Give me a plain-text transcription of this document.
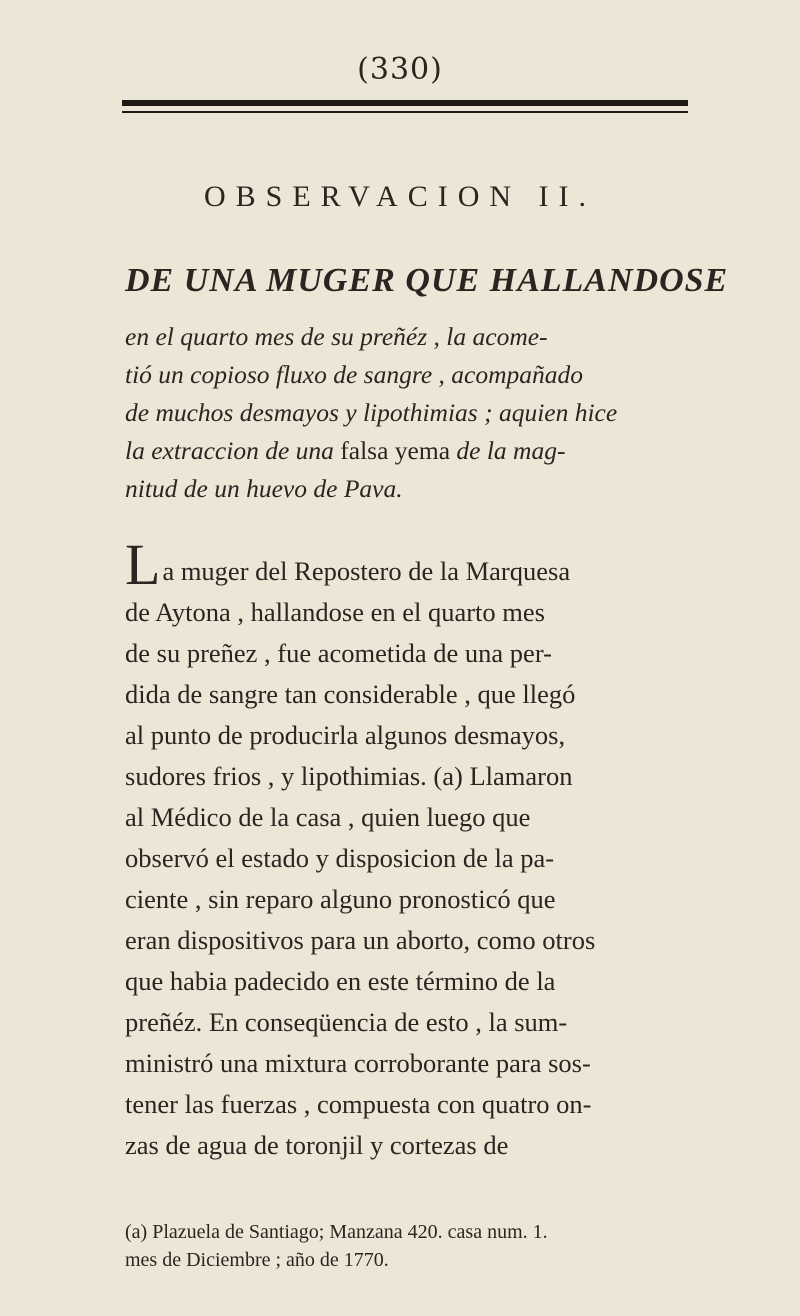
(330)
OBSERVACION II.
DE UNA MUGER QUE HALLANDOSE
en el quarto mes de su preñéz , la acome-
tió un copioso fluxo de sangre , acompañado
de muchos desmayos y lipothimias ; aquien hice
la extraccion de una falsa yema de la mag-
nitud de un huevo de Pava.
La muger del Repostero de la Marquesa
de Aytona , hallandose en el quarto mes
de su preñez , fue acometida de una per-
dida de sangre tan considerable , que llegó
al punto de producirla algunos desmayos,
sudores frios , y lipothimias. (a) Llamaron
al Médico de la casa , quien luego que
observó el estado y disposicion de la pa-
ciente , sin reparo alguno pronosticó que
eran dispositivos para un aborto, como otros
que habia padecido en este término de la
preñéz. En conseqüencia de esto , la sum-
ministró una mixtura corroborante para sos-
tener las fuerzas , compuesta con quatro on-
zas de agua de toronjil y cortezas de
(a) Plazuela de Santiago; Manzana 420. casa num. 1.
mes de Diciembre ; año de 1770.
